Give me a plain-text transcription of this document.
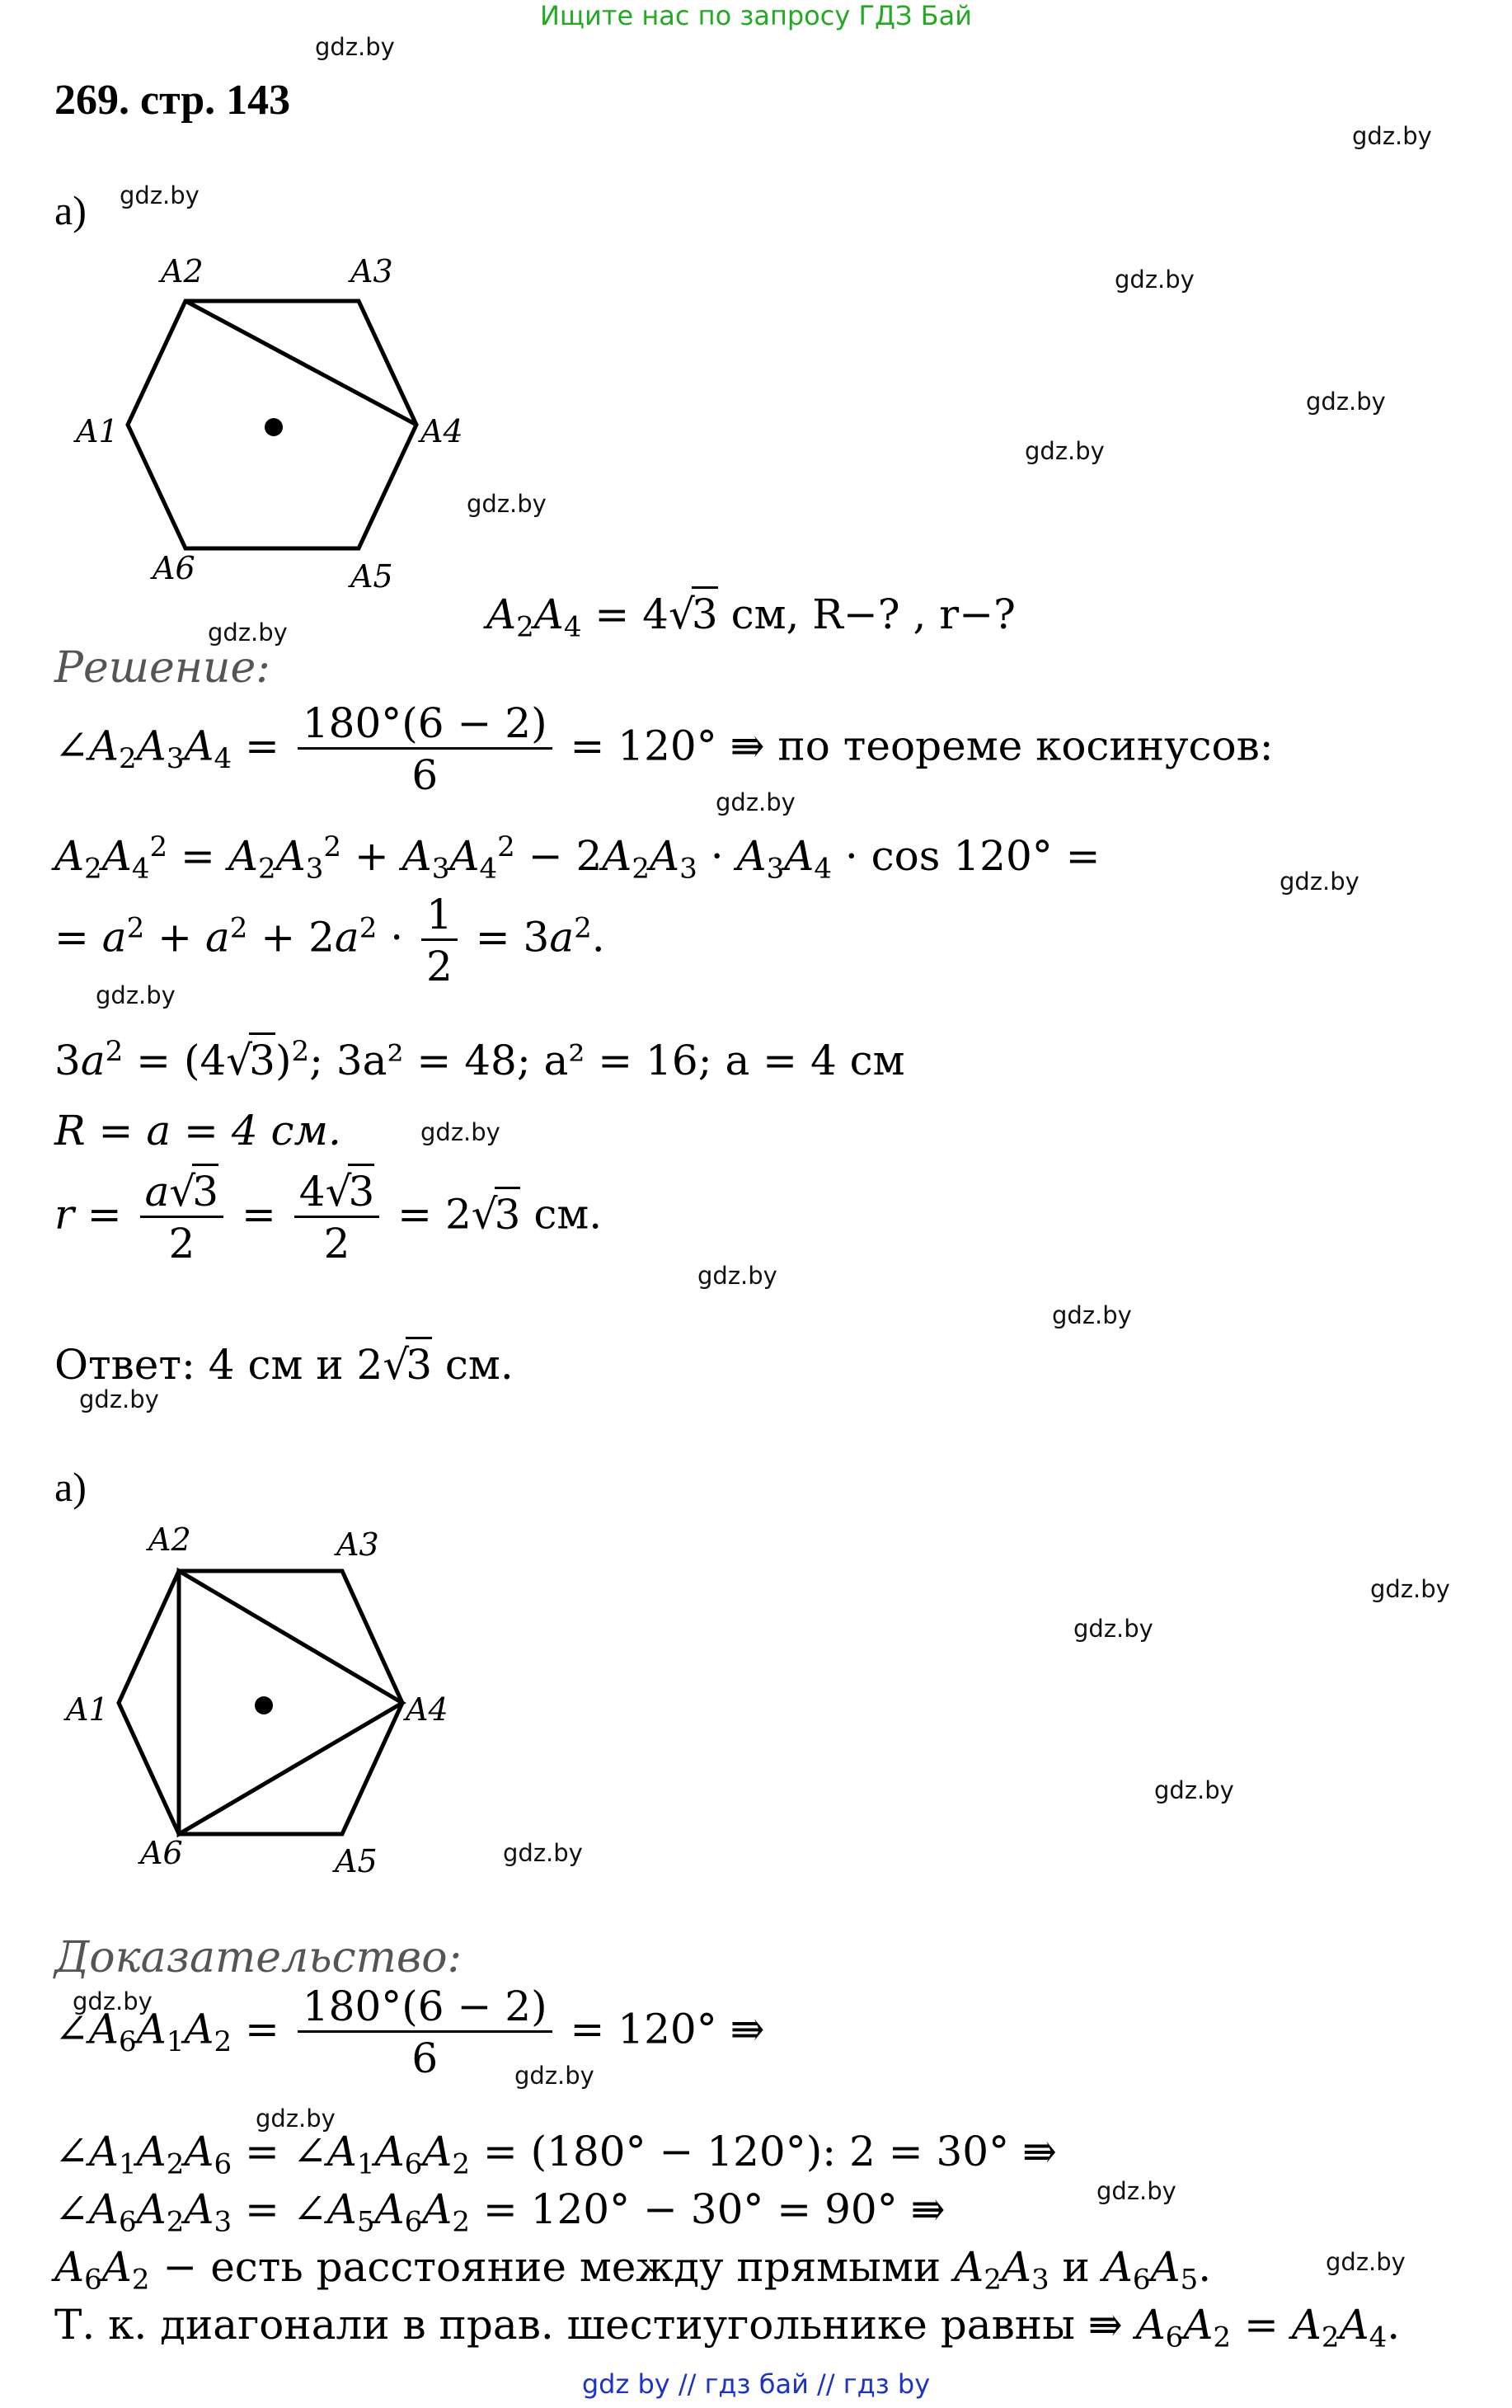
Ищите нас по запросу ГДЗ Бай
gdz.by
gdz.by
gdz.by
gdz.by
gdz.by
gdz.by
gdz.by
gdz.by
gdz.by
gdz.by
gdz.by
gdz.by
gdz.by
gdz.by
gdz.by
gdz.by
gdz.by
gdz.by
gdz.by
gdz.by
gdz.by
gdz.by
gdz.by
gdz.by
269. стр. 143
а)
A2	A3
A4
A5
A6
A1
$A_2A_4 = 4√3$ см, R−? , r−?
Решение:
$\angle A_2A_3A_4 = \frac{180^\circ(6 - 2)}{6} = 120^\circ$ ⇛ по теореме косинусов:
$A_2A_4^2 = A_2A_3^2 + A_3A_4^2 - 2A_2A_3 \cdot A_3A_4 \cdot \cos 120^\circ$ =
= $a^2 + a^2 + 2a^2 \cdot \frac{1}{2} = 3a^2$.
$3a^2 = (4√3)^2$; 3a² = 48; a² = 16; a = 4 см
R = a = 4 см.
$r = \frac{a√3}{2} = \frac{4√3}{2} = 2√3$ см.
Ответ: 4 см и 2√3 см.
а)
A2	A3
A4
A5
A6
A1
Доказательство:
$\angle A_6A_1A_2 = \frac{180^\circ(6 - 2)}{6} = 120^\circ$ ⇛
$\angle A_1A_2A_6$ = $\angle A_1A_6A_2 = (180^\circ - 120^\circ)$: 2 = 30° ⇛
$\angle A_6A_2A_3$ = $\angle A_5A_6A_2 = 120^\circ - 30^\circ = 90^\circ$ ⇛
$A_6A_2$ − есть расстояние между прямыми $A_2A_3$ и $A_6A_5$.
Т. к. диагонали в прав. шестиугольнике равны ⇛ $A_6A_2 = A_2A_4$.
gdz by // гдз бай // гдз by
